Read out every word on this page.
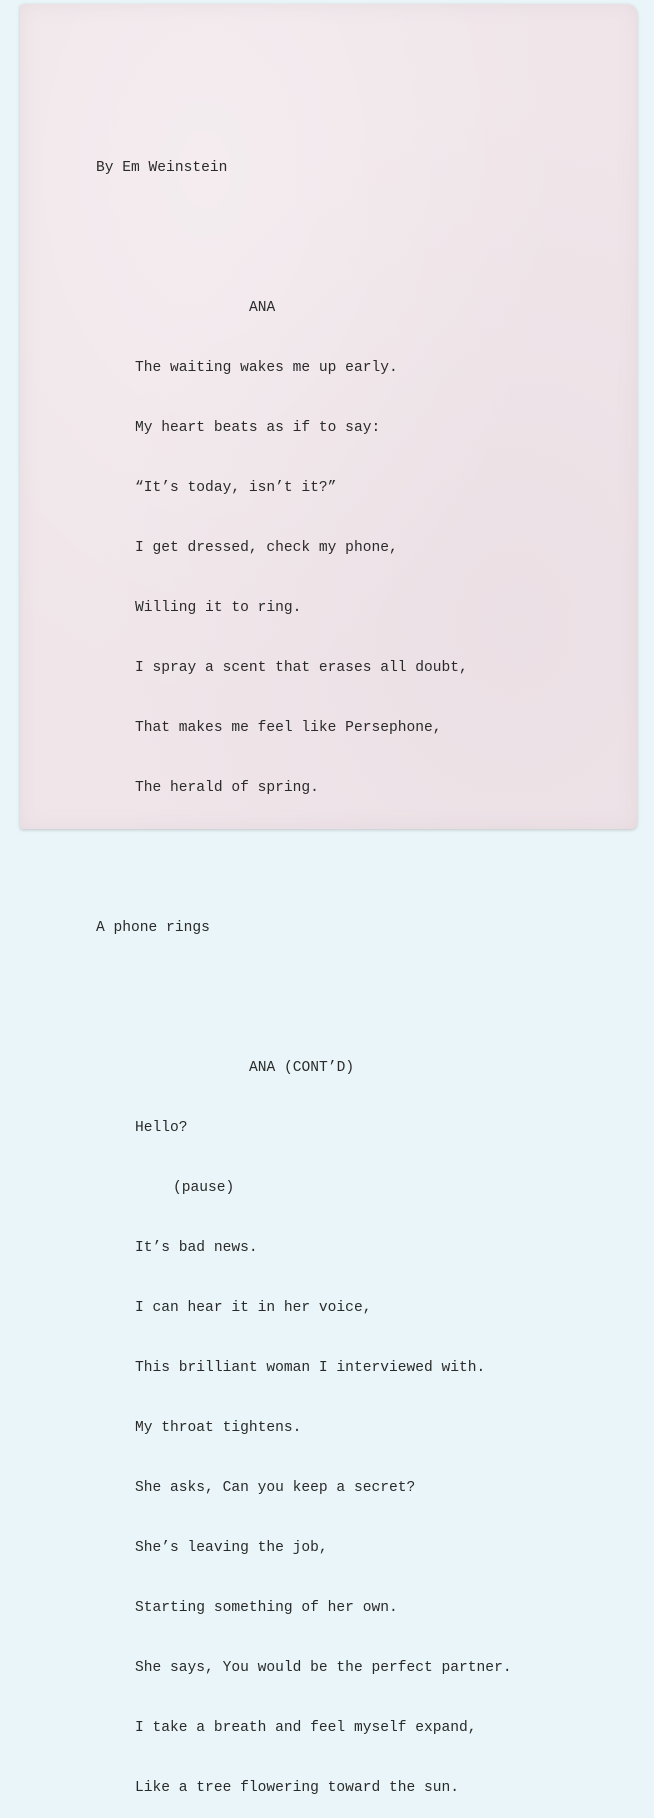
By Em Weinstein

ANA

The waiting wakes me up early.

My heart beats as if to say:

“It’s today, isn’t it?”

I get dressed, check my phone,

Willing it to ring.

I spray a scent that erases all doubt,

That makes me feel like Persephone,

The herald of spring.

A phone rings

ANA (CONT’D)

Hello?

(pause)

It’s bad news.

I can hear it in her voice,

This brilliant woman I interviewed with.

My throat tightens.

She asks, Can you keep a secret?

She’s leaving the job,

Starting something of her own.

She says, You would be the perfect partner.

I take a breath and feel myself expand,

Like a tree flowering toward the sun.
